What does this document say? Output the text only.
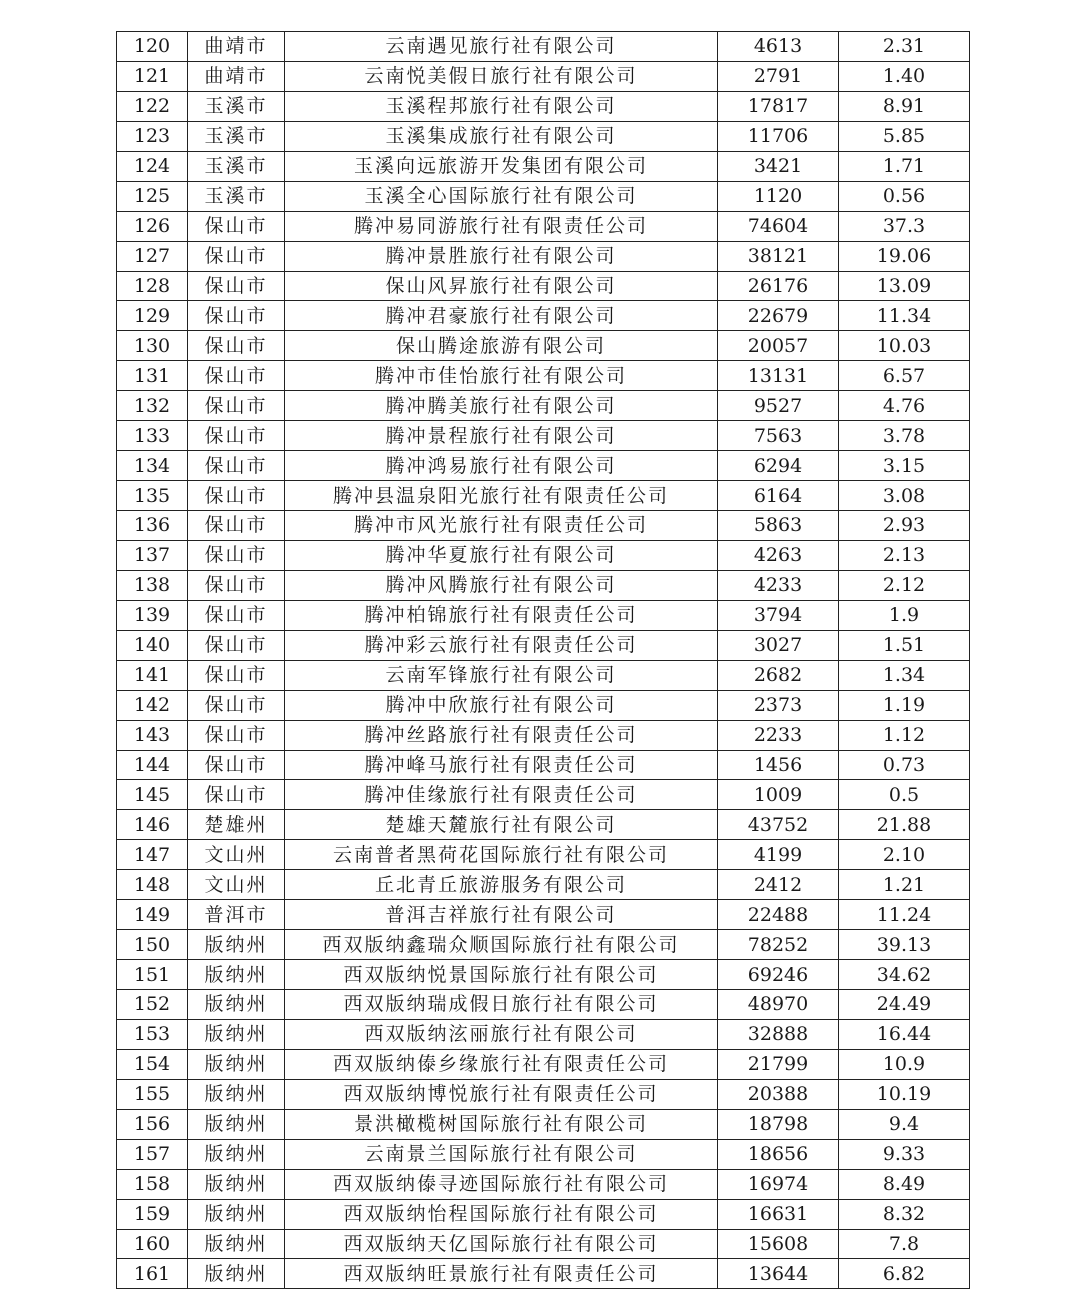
120	曲靖市	云南遇见旅行社有限公司	4613	2.31
121	曲靖市	云南悦美假日旅行社有限公司	2791	1.40
122	玉溪市	玉溪程邦旅行社有限公司	17817	8.91
123	玉溪市	玉溪集成旅行社有限公司	11706	5.85
124	玉溪市	玉溪向远旅游开发集团有限公司	3421	1.71
125	玉溪市	玉溪全心国际旅行社有限公司	1120	0.56
126	保山市	腾冲易同游旅行社有限责任公司	74604	37.3
127	保山市	腾冲景胜旅行社有限公司	38121	19.06
128	保山市	保山风昇旅行社有限公司	26176	13.09
129	保山市	腾冲君豪旅行社有限公司	22679	11.34
130	保山市	保山腾途旅游有限公司	20057	10.03
131	保山市	腾冲市佳怡旅行社有限公司	13131	6.57
132	保山市	腾冲腾美旅行社有限公司	9527	4.76
133	保山市	腾冲景程旅行社有限公司	7563	3.78
134	保山市	腾冲鸿易旅行社有限公司	6294	3.15
135	保山市	腾冲县温泉阳光旅行社有限责任公司	6164	3.08
136	保山市	腾冲市风光旅行社有限责任公司	5863	2.93
137	保山市	腾冲华夏旅行社有限公司	4263	2.13
138	保山市	腾冲风腾旅行社有限公司	4233	2.12
139	保山市	腾冲柏锦旅行社有限责任公司	3794	1.9
140	保山市	腾冲彩云旅行社有限责任公司	3027	1.51
141	保山市	云南军锋旅行社有限公司	2682	1.34
142	保山市	腾冲中欣旅行社有限公司	2373	1.19
143	保山市	腾冲丝路旅行社有限责任公司	2233	1.12
144	保山市	腾冲峰马旅行社有限责任公司	1456	0.73
145	保山市	腾冲佳缘旅行社有限责任公司	1009	0.5
146	楚雄州	楚雄天麓旅行社有限公司	43752	21.88
147	文山州	云南普者黑荷花国际旅行社有限公司	4199	2.10
148	文山州	丘北青丘旅游服务有限公司	2412	1.21
149	普洱市	普洱吉祥旅行社有限公司	22488	11.24
150	版纳州	西双版纳鑫瑞众顺国际旅行社有限公司	78252	39.13
151	版纳州	西双版纳悦景国际旅行社有限公司	69246	34.62
152	版纳州	西双版纳瑞成假日旅行社有限公司	48970	24.49
153	版纳州	西双版纳泫丽旅行社有限公司	32888	16.44
154	版纳州	西双版纳傣乡缘旅行社有限责任公司	21799	10.9
155	版纳州	西双版纳博悦旅行社有限责任公司	20388	10.19
156	版纳州	景洪橄榄树国际旅行社有限公司	18798	9.4
157	版纳州	云南景兰国际旅行社有限公司	18656	9.33
158	版纳州	西双版纳傣寻迹国际旅行社有限公司	16974	8.49
159	版纳州	西双版纳怡程国际旅行社有限公司	16631	8.32
160	版纳州	西双版纳天亿国际旅行社有限公司	15608	7.8
161	版纳州	西双版纳旺景旅行社有限责任公司	13644	6.82
